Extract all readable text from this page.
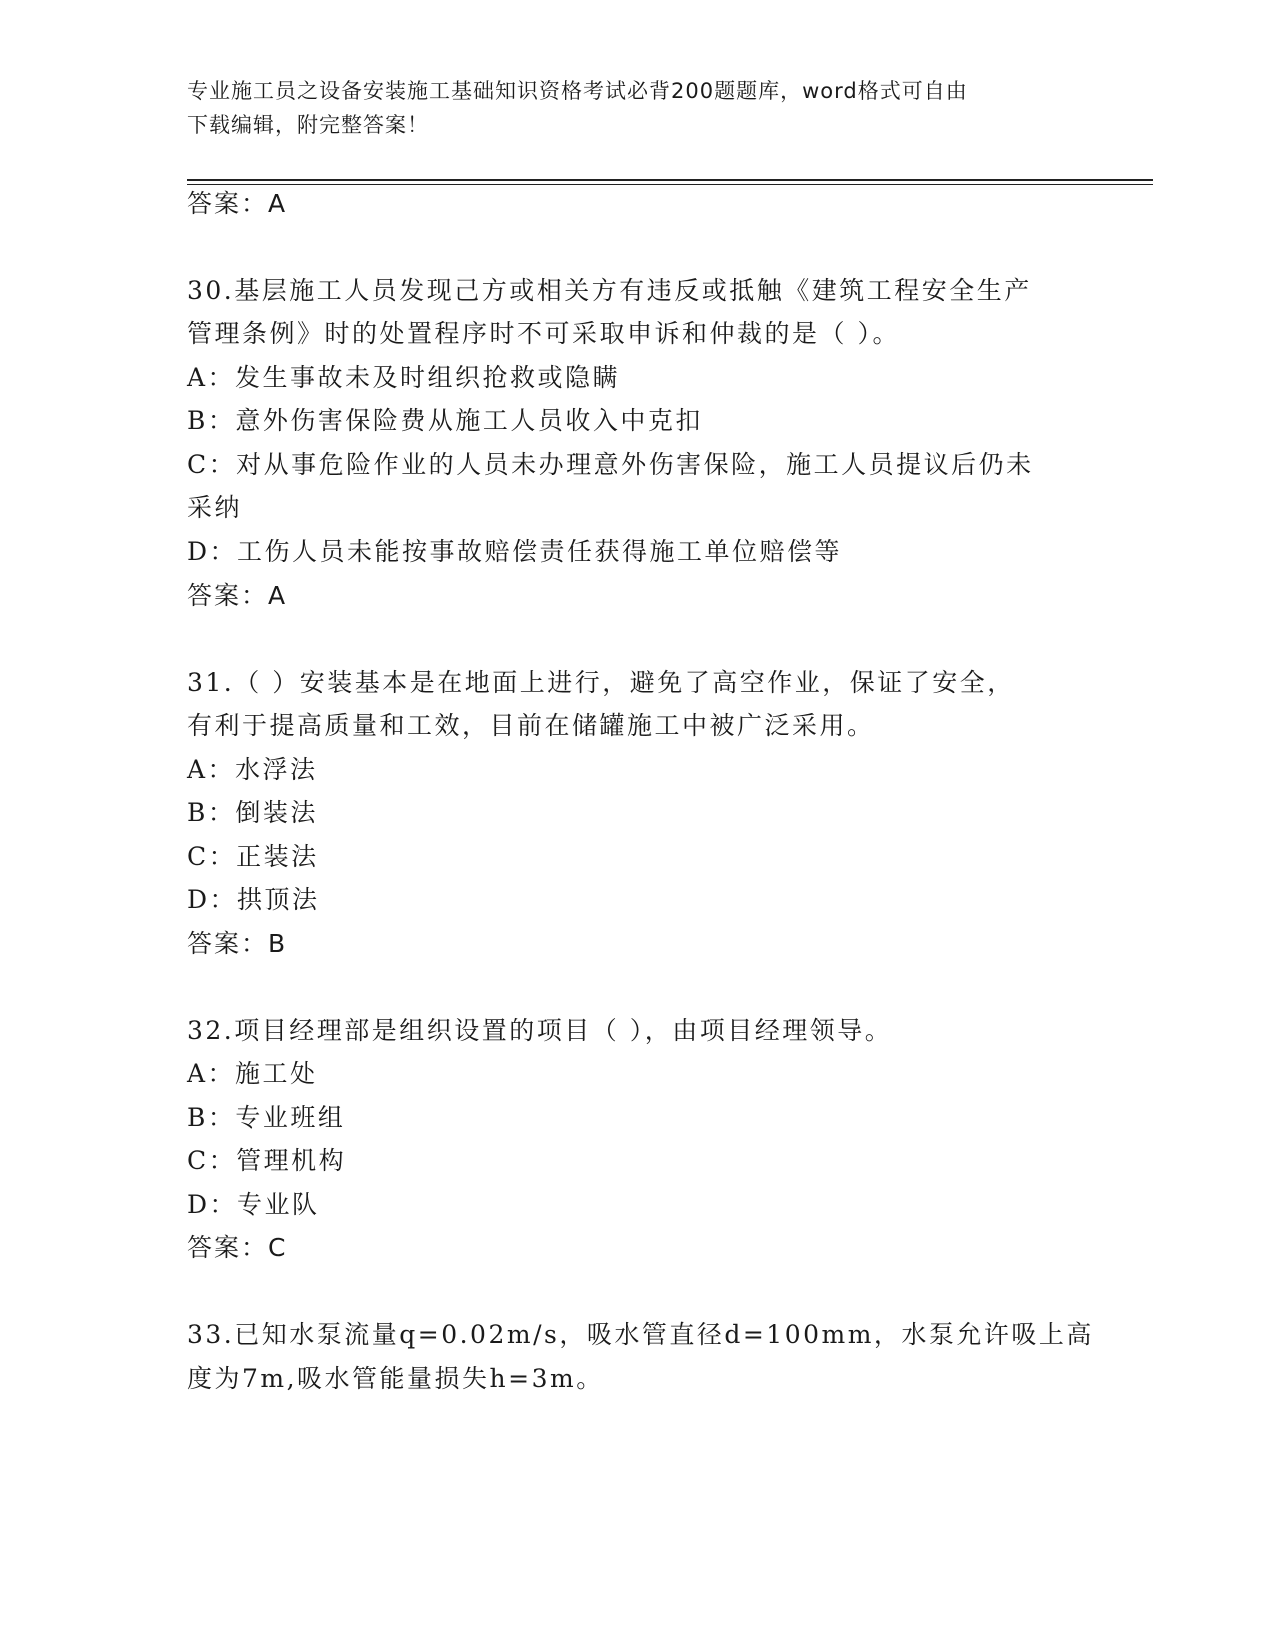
专业施工员之设备安装施工基础知识资格考试必背200题题库，word格式可自由
下载编辑，附完整答案！
答案：A
30.基层施工人员发现己方或相关方有违反或抵触《建筑工程安全生产
管理条例》时的处置程序时不可采取申诉和仲裁的是（ ）。
A：发生事故未及时组织抢救或隐瞒
B：意外伤害保险费从施工人员收入中克扣
C：对从事危险作业的人员未办理意外伤害保险，施工人员提议后仍未
采纳
D：工伤人员未能按事故赔偿责任获得施工单位赔偿等
答案：A
31.（ ）安装基本是在地面上进行，避免了高空作业，保证了安全，
有利于提高质量和工效，目前在储罐施工中被广泛采用。
A：水浮法
B：倒装法
C：正装法
D：拱顶法
答案：B
32.项目经理部是组织设置的项目（ ），由项目经理领导。
A：施工处
B：专业班组
C：管理机构
D：专业队
答案：C
33.已知水泵流量q=0.02m/s，吸水管直径d=100mm，水泵允许吸上高
度为7m,吸水管能量损失h=3m。
